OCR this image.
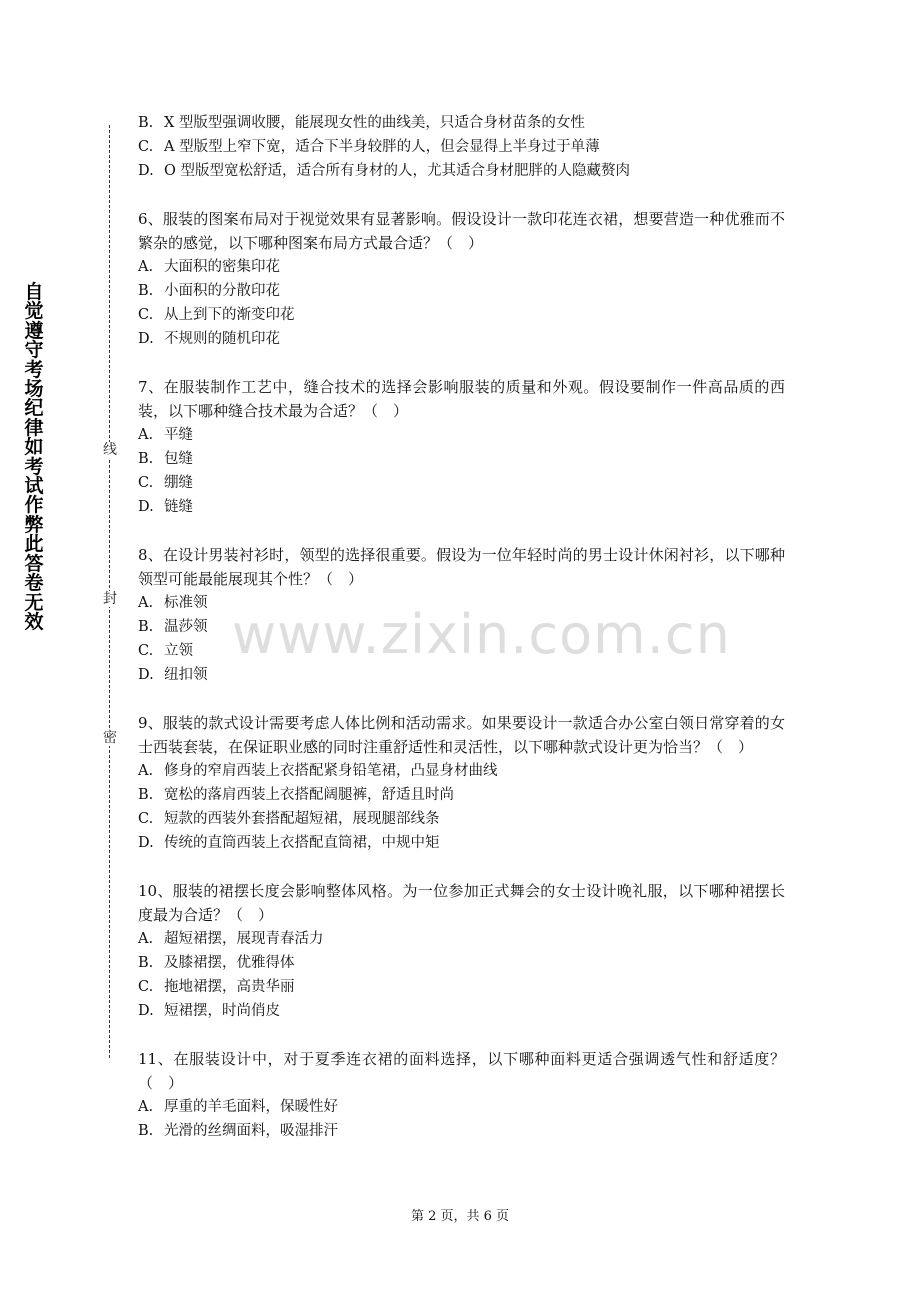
自
觉
遵
守
考
场
纪
律
如
考
试
作
弊
此
答
卷
无
效
线
封
密
www.zixin.com.cn

B. X 型版型强调收腰，能展现女性的曲线美，只适合身材苗条的女性

C. A 型版型上窄下宽，适合下半身较胖的人，但会显得上半身过于单薄

D. O 型版型宽松舒适，适合所有身材的人，尤其适合身材肥胖的人隐藏赘肉

6、服装的图案布局对于视觉效果有显著影响。假设设计一款印花连衣裙，想要营造一种优雅而不繁杂的感觉，以下哪种图案布局方式最合适？（　）

A. 大面积的密集印花

B. 小面积的分散印花

C. 从上到下的渐变印花

D. 不规则的随机印花

7、在服装制作工艺中，缝合技术的选择会影响服装的质量和外观。假设要制作一件高品质的西装，以下哪种缝合技术最为合适？（　）

A. 平缝

B. 包缝

C. 绷缝

D. 链缝

8、在设计男装衬衫时，领型的选择很重要。假设为一位年轻时尚的男士设计休闲衬衫，以下哪种领型可能最能展现其个性？（　）

A. 标准领

B. 温莎领

C. 立领

D. 纽扣领

9、服装的款式设计需要考虑人体比例和活动需求。如果要设计一款适合办公室白领日常穿着的女士西装套装，在保证职业感的同时注重舒适性和灵活性，以下哪种款式设计更为恰当？（　）

A. 修身的窄肩西装上衣搭配紧身铅笔裙，凸显身材曲线

B. 宽松的落肩西装上衣搭配阔腿裤，舒适且时尚

C. 短款的西装外套搭配超短裙，展现腿部线条

D. 传统的直筒西装上衣搭配直筒裙，中规中矩

10、服装的裙摆长度会影响整体风格。为一位参加正式舞会的女士设计晚礼服，以下哪种裙摆长度最为合适？（　）

A. 超短裙摆，展现青春活力

B. 及膝裙摆，优雅得体

C. 拖地裙摆，高贵华丽

D. 短裙摆，时尚俏皮

11、在服装设计中，对于夏季连衣裙的面料选择，以下哪种面料更适合强调透气性和舒适度？（　）

A. 厚重的羊毛面料，保暖性好

B. 光滑的丝绸面料，吸湿排汗

第 2 页，共 6 页
